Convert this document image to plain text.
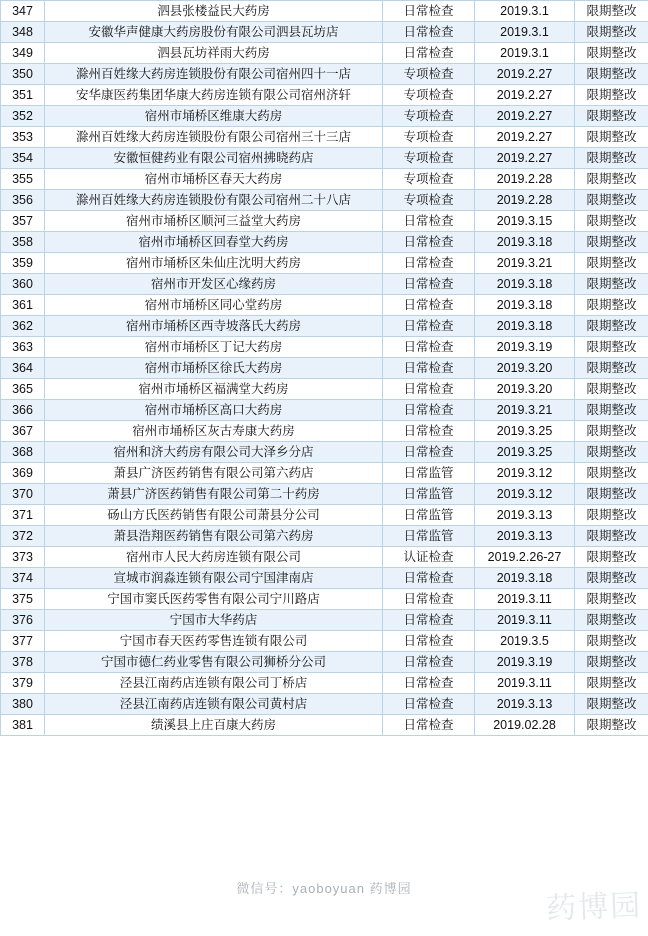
347	泗县张楼益民大药房	日常检查	2019.3.1	限期整改
348	安徽华声健康大药房股份有限公司泗县瓦坊店	日常检查	2019.3.1	限期整改
349	泗县瓦坊祥雨大药房	日常检查	2019.3.1	限期整改
350	滁州百姓缘大药房连锁股份有限公司宿州四十一店	专项检查	2019.2.27	限期整改
351	安华康医药集团华康大药房连锁有限公司宿州济轩	专项检查	2019.2.27	限期整改
352	宿州市埇桥区维康大药房	专项检查	2019.2.27	限期整改
353	滁州百姓缘大药房连锁股份有限公司宿州三十三店	专项检查	2019.2.27	限期整改
354	安徽恒健药业有限公司宿州拂晓药店	专项检查	2019.2.27	限期整改
355	宿州市埇桥区春天大药房	专项检查	2019.2.28	限期整改
356	滁州百姓缘大药房连锁股份有限公司宿州二十八店	专项检查	2019.2.28	限期整改
357	宿州市埇桥区顺河三益堂大药房	日常检查	2019.3.15	限期整改
358	宿州市埇桥区回春堂大药房	日常检查	2019.3.18	限期整改
359	宿州市埇桥区朱仙庄沈明大药房	日常检查	2019.3.21	限期整改
360	宿州市开发区心缘药房	日常检查	2019.3.18	限期整改
361	宿州市埇桥区同心堂药房	日常检查	2019.3.18	限期整改
362	宿州市埇桥区西寺坡落氏大药房	日常检查	2019.3.18	限期整改
363	宿州市埇桥区丁记大药房	日常检查	2019.3.19	限期整改
364	宿州市埇桥区徐氏大药房	日常检查	2019.3.20	限期整改
365	宿州市埇桥区福满堂大药房	日常检查	2019.3.20	限期整改
366	宿州市埇桥区高口大药房	日常检查	2019.3.21	限期整改
367	宿州市埇桥区灰古寿康大药房	日常检查	2019.3.25	限期整改
368	宿州和济大药房有限公司大泽乡分店	日常检查	2019.3.25	限期整改
369	萧县广济医药销售有限公司第六药店	日常监管	2019.3.12	限期整改
370	萧县广济医药销售有限公司第二十药房	日常监管	2019.3.12	限期整改
371	砀山方氏医药销售有限公司萧县分公司	日常监管	2019.3.13	限期整改
372	萧县浩翔医药销售有限公司第六药房	日常监管	2019.3.13	限期整改
373	宿州市人民大药房连锁有限公司	认证检查	2019.2.26-27	限期整改
374	宣城市润淼连锁有限公司宁国津南店	日常检查	2019.3.18	限期整改
375	宁国市窦氏医药零售有限公司宁川路店	日常检查	2019.3.11	限期整改
376	宁国市大华药店	日常检查	2019.3.11	限期整改
377	宁国市春天医药零售连锁有限公司	日常检查	2019.3.5	限期整改
378	宁国市德仁药业零售有限公司狮桥分公司	日常检查	2019.3.19	限期整改
379	泾县江南药店连锁有限公司丁桥店	日常检查	2019.3.11	限期整改
380	泾县江南药店连锁有限公司黄村店	日常检查	2019.3.13	限期整改
381	绩溪县上庄百康大药房	日常检查	2019.02.28	限期整改
微信号：yaoboyuan 药博园
药博园
